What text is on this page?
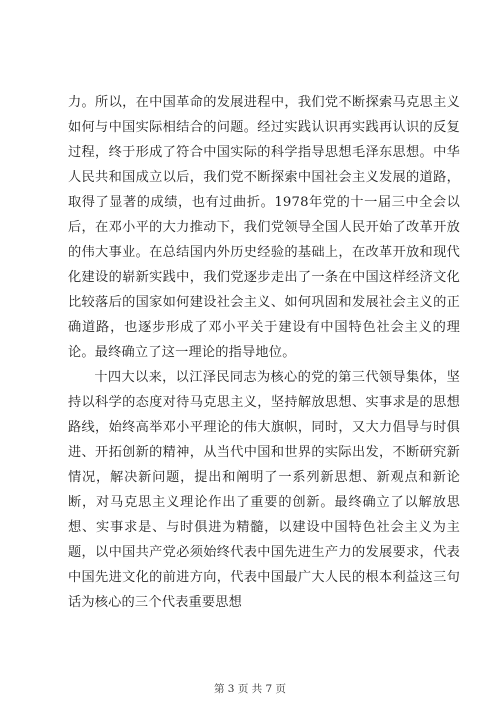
力。所以，在中国革命的发展进程中，我们党不断探索马克思主义如何与中国实际相结合的问题。经过实践认识再实践再认识的反复过程，终于形成了符合中国实际的科学指导思想毛泽东思想。中华人民共和国成立以后，我们党不断探索中国社会主义发展的道路，取得了显著的成绩，也有过曲折。1978年党的十一届三中全会以后，在邓小平的大力推动下，我们党领导全国人民开始了改革开放的伟大事业。在总结国内外历史经验的基础上，在改革开放和现代化建设的崭新实践中，我们党逐步走出了一条在中国这样经济文化比较落后的国家如何建设社会主义、如何巩固和发展社会主义的正确道路，也逐步形成了邓小平关于建设有中国特色社会主义的理论。最终确立了这一理论的指导地位。

十四大以来，以江泽民同志为核心的党的第三代领导集体，坚持以科学的态度对待马克思主义，坚持解放思想、实事求是的思想路线，始终高举邓小平理论的伟大旗帜，同时，又大力倡导与时俱进、开拓创新的精神，从当代中国和世界的实际出发，不断研究新情况，解决新问题，提出和阐明了一系列新思想、新观点和新论断，对马克思主义理论作出了重要的创新。最终确立了以解放思想、实事求是、与时俱进为精髓，以建设中国特色社会主义为主题，以中国共产党必须始终代表中国先进生产力的发展要求，代表中国先进文化的前进方向，代表中国最广大人民的根本利益这三句话为核心的三个代表重要思想

第 3 页 共 7 页
